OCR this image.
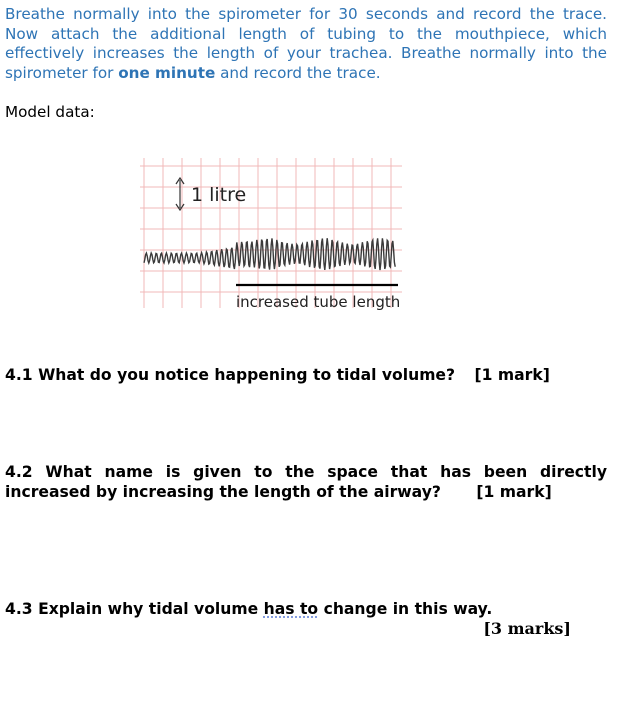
Breathe normally into the spirometer for 30 seconds and record the trace. Now attach the additional length of tubing to the mouthpiece, which effectively increases the length of your trachea. Breathe normally into the spirometer for one minute and record the trace.

Model data:

1 litre
increased tube length

4.1 What do you notice happening to tidal volume? [1 mark]

4.2 What name is given to the space that has been directly increased by increasing the length of the airway? [1 mark]

4.3 Explain why tidal volume has to change in this way.

[3 marks]
